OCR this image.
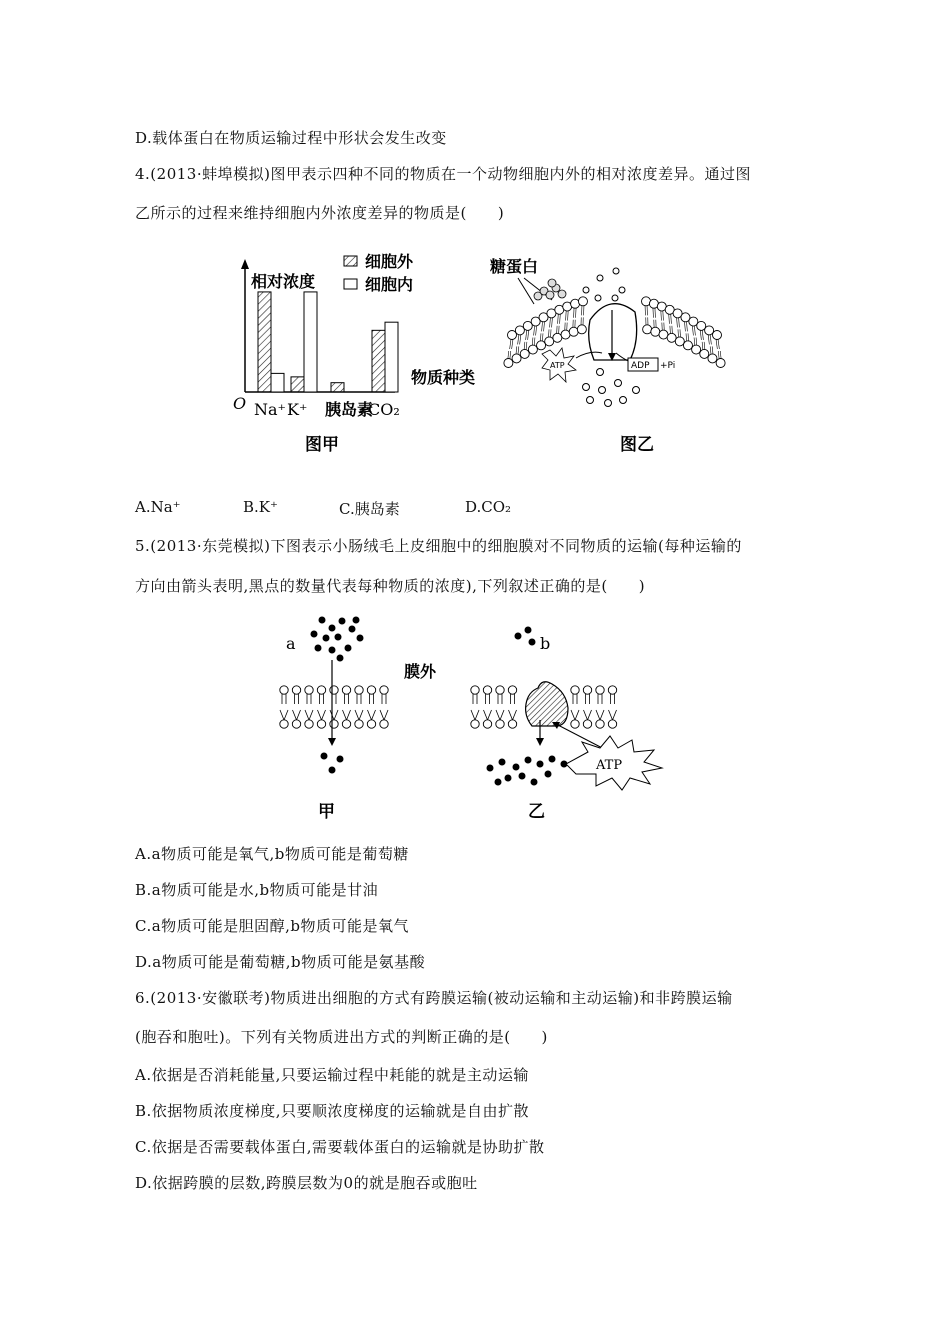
D.载体蛋白在物质运输过程中形状会发生改变
4.(2013·蚌埠模拟)图甲表示四种不同的物质在一个动物细胞内外的相对浓度差异。通过图
乙所示的过程来维持细胞内外浓度差异的物质是(　　)
相对浓度
物质种类
O
细胞外
细胞内
Na⁺ K⁺ 胰岛素
CO₂
图甲
糖蛋白
ATP	ADP +Pi
图乙
A.Na⁺	B.K⁺	C.胰岛素	D.CO₂
5.(2013·东莞模拟)下图表示小肠绒毛上皮细胞中的细胞膜对不同物质的运输(每种运输的
方向由箭头表明,黑点的数量代表每种物质的浓度),下列叙述正确的是(　　)
a
膜外
b
ATP
甲	乙
A.a物质可能是氧气,b物质可能是葡萄糖
B.a物质可能是水,b物质可能是甘油
C.a物质可能是胆固醇,b物质可能是氧气
D.a物质可能是葡萄糖,b物质可能是氨基酸
6.(2013·安徽联考)物质进出细胞的方式有跨膜运输(被动运输和主动运输)和非跨膜运输
(胞吞和胞吐)。下列有关物质进出方式的判断正确的是(　　)
A.依据是否消耗能量,只要运输过程中耗能的就是主动运输
B.依据物质浓度梯度,只要顺浓度梯度的运输就是自由扩散
C.依据是否需要载体蛋白,需要载体蛋白的运输就是协助扩散
D.依据跨膜的层数,跨膜层数为0的就是胞吞或胞吐
